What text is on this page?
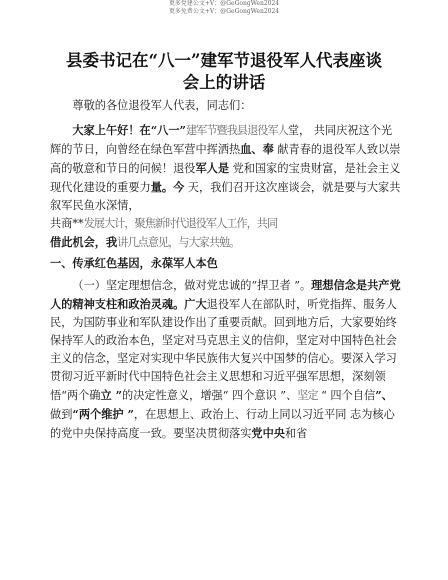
更多党建公文+V：@GeGongWen2024
更多免费公文+V：@GeGongWen2024
县委书记在“八一”建军节退役军人代表座谈
会上的讲话

尊敬的各位退役军人代表，同志们：

大家上午好！在“八一”建军节暨我县退役军人堂， 共同庆祝这个光辉的节日，向曾经在绿色军营中挥洒热血、奉 献青春的退役军人致以崇高的敬意和节日的问候！退役军人是 党和国家的宝贵财富，是社会主义现代化建设的重要力量。今 天，我们召开这次座谈会，就是要与大家共叙军民鱼水深情，

共商**发展大计，聚焦新时代退役军人工作，共同
借此机会，我讲几点意见，与大家共勉。

一、传承红色基因，永葆军人本色

（一）坚定理想信念，做对党忠诚的“捍卫者 ”。理想信念是共产党人的精神支柱和政治灵魂。广大退役军人在部队时，听党指挥、服务人民，为国防事业和军队建设作出了重要贡献。回到地方后，大家要始终保持军人的政治本色，坚定对马克思主义的信仰，坚定对中国特色社会主义的信念，坚定对实现中华民族伟大复兴中国梦的信心。要深入学习贯彻习近平新时代中国特色社会主义思想和习近平强军思想，深刻领悟“两个确立 ”的决定性意义，增强“ 四个意识 ”、坚定 “ 四个自信”、

做到“两个维护 ”，在思想上、政治上、行动上同以习近平同 志为核心的党中央保持高度一致。要坚决贯彻落实党中央和省
